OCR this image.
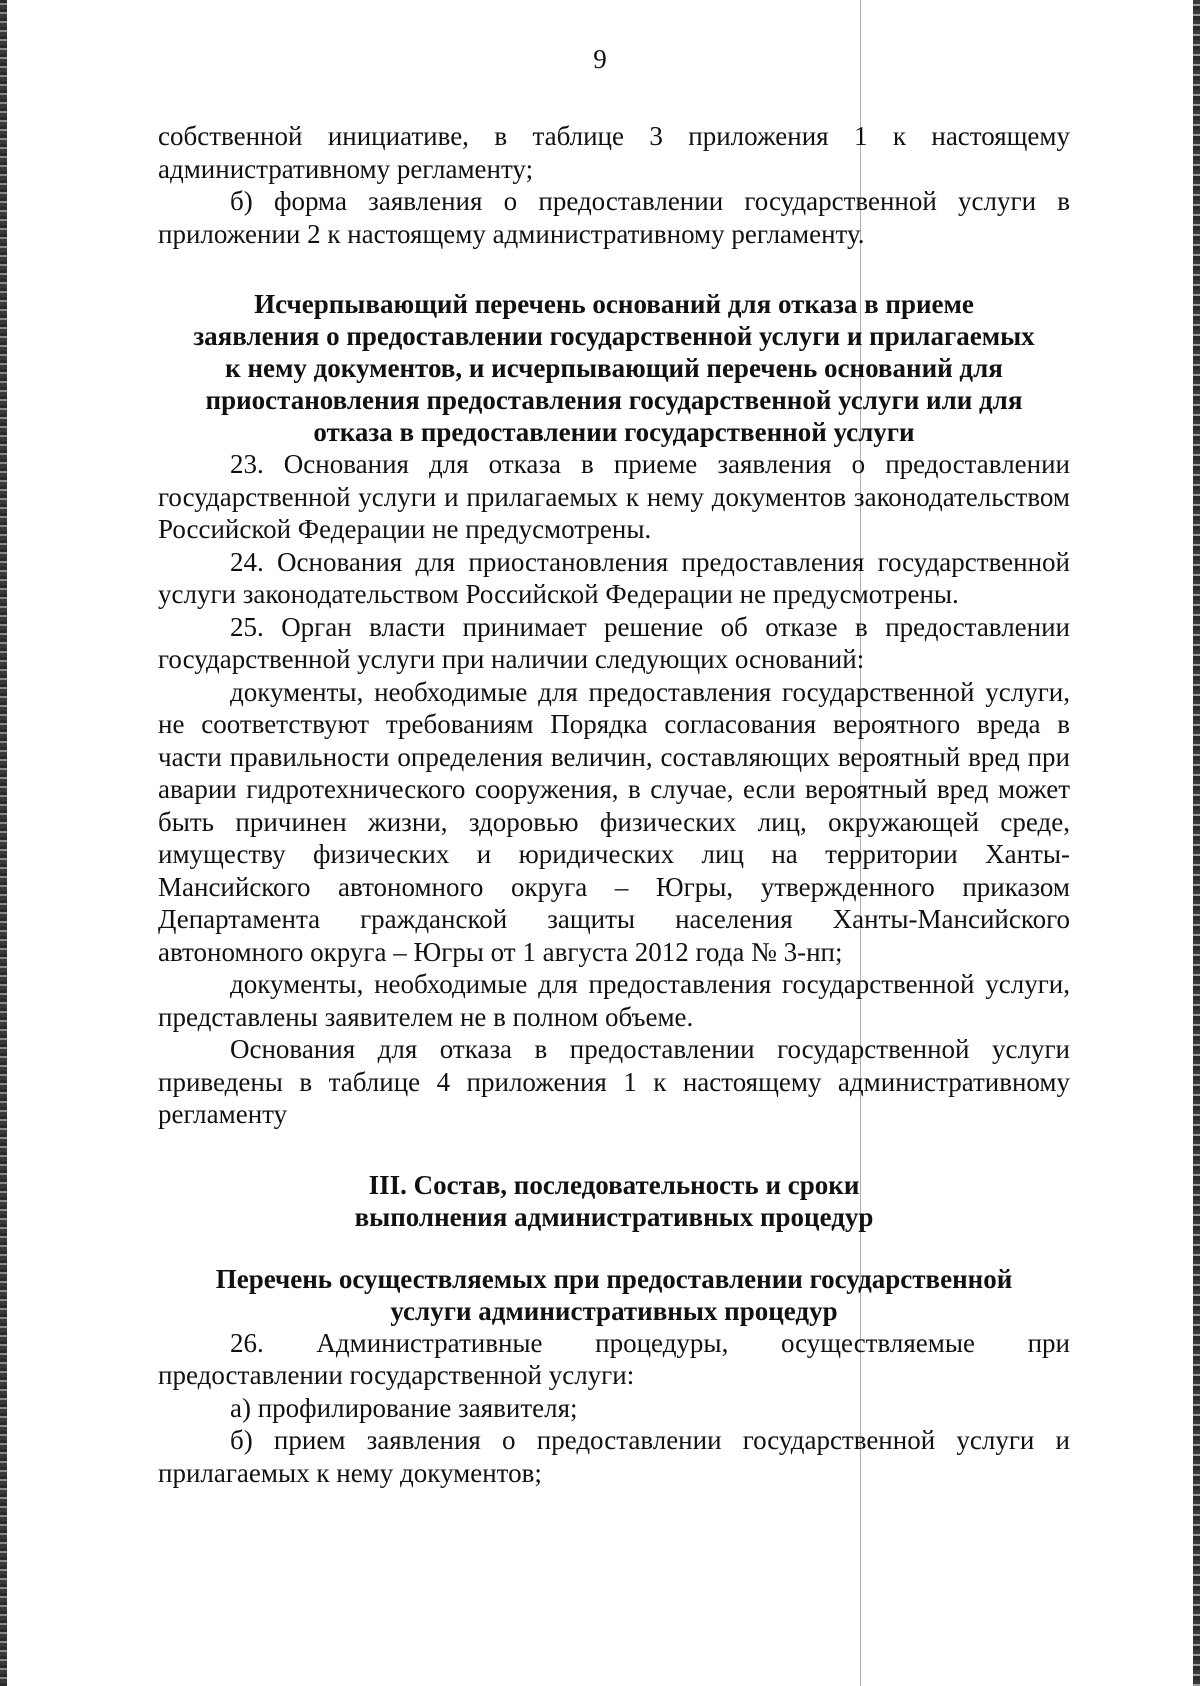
9

собственной инициативе, в таблице 3 приложения 1 к настоящему административному регламенту;

б) форма заявления о предоставлении государственной услуги в приложении 2 к настоящему административному регламенту.

Исчерпывающий перечень оснований для отказа в приеме заявления о предоставлении государственной услуги и прилагаемых к нему документов, и исчерпывающий перечень оснований для приостановления предоставления государственной услуги или для отказа в предоставлении государственной услуги

23. Основания для отказа в приеме заявления о предоставлении государственной услуги и прилагаемых к нему документов законодательством Российской Федерации не предусмотрены.

24. Основания для приостановления предоставления государственной услуги законодательством Российской Федерации не предусмотрены.

25. Орган власти принимает решение об отказе в предоставлении государственной услуги при наличии следующих оснований:

документы, необходимые для предоставления государственной услуги, не соответствуют требованиям Порядка согласования вероятного вреда в части правильности определения величин, составляющих вероятный вред при аварии гидротехнического сооружения, в случае, если вероятный вред может быть причинен жизни, здоровью физических лиц, окружающей среде, имуществу физических и юридических лиц на территории Ханты-Мансийского автономного округа – Югры, утвержденного приказом Департамента гражданской защиты населения Ханты-Мансийского автономного округа – Югры от 1 августа 2012 года № 3-нп;

документы, необходимые для предоставления государственной услуги, представлены заявителем не в полном объеме.

Основания для отказа в предоставлении государственной услуги приведены в таблице 4 приложения 1 к настоящему административному регламенту

III. Состав, последовательность и сроки выполнения административных процедур

Перечень осуществляемых при предоставлении государственной услуги административных процедур

26. Административные процедуры, осуществляемые при предоставлении государственной услуги:

а) профилирование заявителя;

б) прием заявления о предоставлении государственной услуги и прилагаемых к нему документов;
